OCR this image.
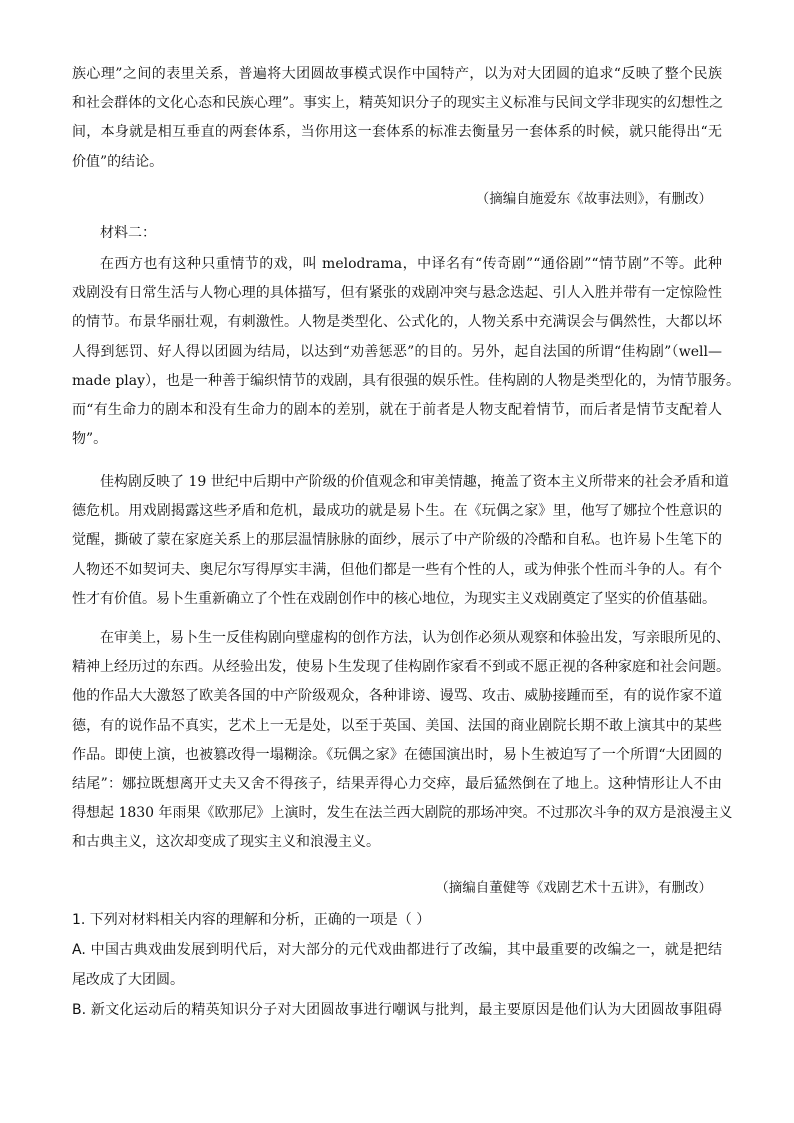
族心理”之间的表里关系，普遍将大团圆故事模式误作中国特产，以为对大团圆的追求“反映了整个民族
和社会群体的文化心态和民族心理”。事实上，精英知识分子的现实主义标准与民间文学非现实的幻想性之
间，本身就是相互垂直的两套体系，当你用这一套体系的标准去衡量另一套体系的时候，就只能得出“无
价值”的结论。
（摘编自施爱东《故事法则》，有删改）
材料二：
在西方也有这种只重情节的戏，叫 melodrama，中译名有“传奇剧”“通俗剧”“情节剧”不等。此种
戏剧没有日常生活与人物心理的具体描写，但有紧张的戏剧冲突与悬念迭起、引人入胜并带有一定惊险性
的情节。布景华丽壮观，有刺激性。人物是类型化、公式化的，人物关系中充满误会与偶然性，大都以坏
人得到惩罚、好人得以团圆为结局，以达到“劝善惩恶”的目的。另外，起自法国的所谓“佳构剧”（well—
made play），也是一种善于编织情节的戏剧，具有很强的娱乐性。佳构剧的人物是类型化的，为情节服务。
而“有生命力的剧本和没有生命力的剧本的差别，就在于前者是人物支配着情节，而后者是情节支配着人
物”。
佳构剧反映了 19 世纪中后期中产阶级的价值观念和审美情趣，掩盖了资本主义所带来的社会矛盾和道
德危机。用戏剧揭露这些矛盾和危机，最成功的就是易卜生。在《玩偶之家》里，他写了娜拉个性意识的
觉醒，撕破了蒙在家庭关系上的那层温情脉脉的面纱，展示了中产阶级的冷酷和自私。也许易卜生笔下的
人物还不如契诃夫、奥尼尔写得厚实丰满，但他们都是一些有个性的人，或为伸张个性而斗争的人。有个
性才有价值。易卜生重新确立了个性在戏剧创作中的核心地位，为现实主义戏剧奠定了坚实的价值基础。
在审美上，易卜生一反佳构剧向壁虚构的创作方法，认为创作必须从观察和体验出发，写亲眼所见的、
精神上经历过的东西。从经验出发，使易卜生发现了佳构剧作家看不到或不愿正视的各种家庭和社会问题。
他的作品大大激怒了欧美各国的中产阶级观众，各种诽谤、谩骂、攻击、威胁接踵而至，有的说作家不道
德，有的说作品不真实，艺术上一无是处，以至于英国、美国、法国的商业剧院长期不敢上演其中的某些
作品。即使上演，也被篡改得一塌糊涂。《玩偶之家》在德国演出时，易卜生被迫写了一个所谓“大团圆的
结尾”：娜拉既想离开丈夫又舍不得孩子，结果弄得心力交瘁，最后猛然倒在了地上。这种情形让人不由
得想起 1830 年雨果《欧那尼》上演时，发生在法兰西大剧院的那场冲突。不过那次斗争的双方是浪漫主义
和古典主义，这次却变成了现实主义和浪漫主义。
（摘编自董健等《戏剧艺术十五讲》，有删改）
1. 下列对材料相关内容的理解和分析，正确的一项是（ ）
A. 中国古典戏曲发展到明代后，对大部分的元代戏曲都进行了改编，其中最重要的改编之一，就是把结
尾改成了大团圆。
B. 新文化运动后的精英知识分子对大团圆故事进行嘲讽与批判，最主要原因是他们认为大团圆故事阻碍
